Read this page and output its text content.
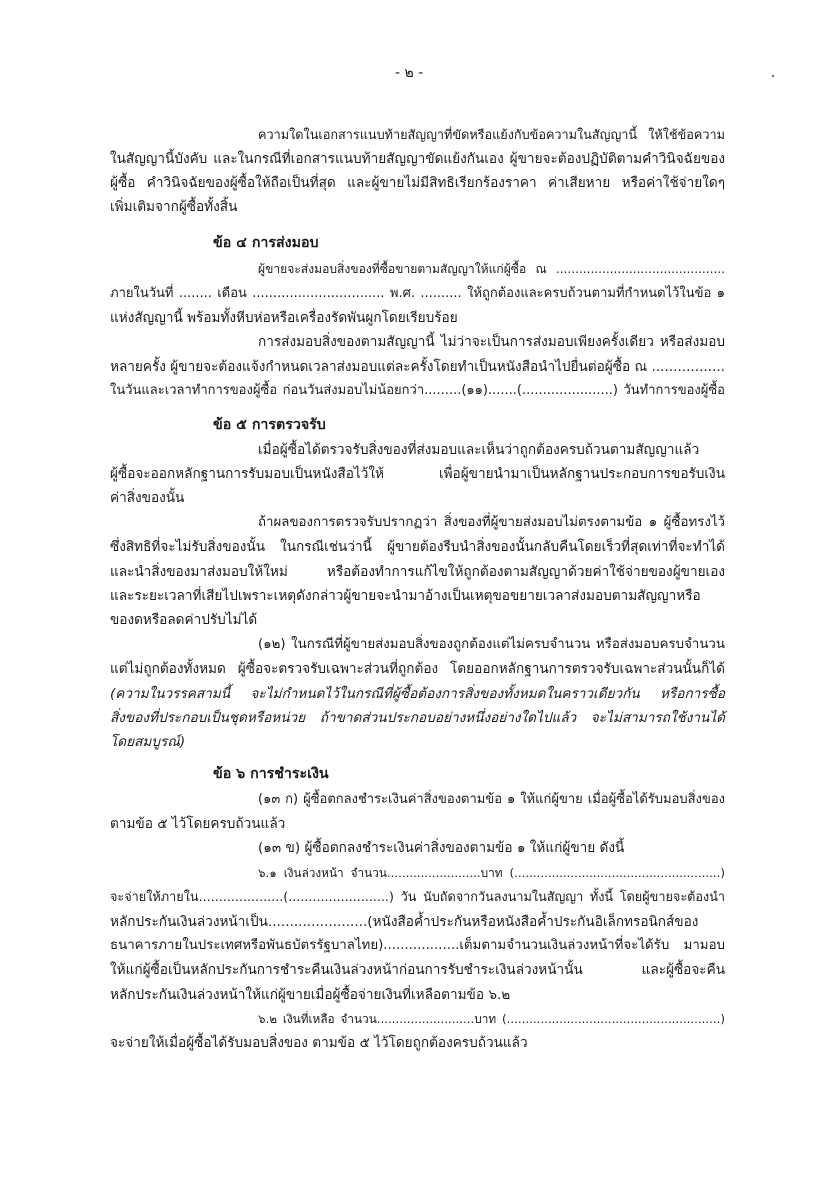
- ๒ -
ความใดในเอกสารแนบท้ายสัญญาที่ขัดหรือแย้งกับข้อความในสัญญานี้ ให้ใช้ข้อความ
ในสัญญานี้บังคับ และในกรณีที่เอกสารแนบท้ายสัญญาขัดแย้งกันเอง ผู้ขายจะต้องปฏิบัติตามคำวินิจฉัยของ
ผู้ซื้อ คำวินิจฉัยของผู้ซื้อให้ถือเป็นที่สุด และผู้ขายไม่มีสิทธิเรียกร้องราคา ค่าเสียหาย หรือค่าใช้จ่ายใดๆ
เพิ่มเติมจากผู้ซื้อทั้งสิ้น
ข้อ ๔ การส่งมอบ
ผู้ขายจะส่งมอบสิ่งของที่ซื้อขายตามสัญญาให้แก่ผู้ซื้อ ณ ............................................
ภายในวันที่ ........ เดือน ................................ พ.ศ. .......... ให้ถูกต้องและครบถ้วนตามที่กำหนดไว้ในข้อ ๑
แห่งสัญญานี้ พร้อมทั้งหีบห่อหรือเครื่องรัดพันผูกโดยเรียบร้อย
การส่งมอบสิ่งของตามสัญญานี้ ไม่ว่าจะเป็นการส่งมอบเพียงครั้งเดียว หรือส่งมอบ
หลายครั้ง ผู้ขายจะต้องแจ้งกำหนดเวลาส่งมอบแต่ละครั้งโดยทำเป็นหนังสือนำไปยื่นต่อผู้ซื้อ ณ .................
ในวันและเวลาทำการของผู้ซื้อ ก่อนวันส่งมอบไม่น้อยกว่า.........(๑๑).......(......................) วันทำการของผู้ซื้อ
ข้อ ๕ การตรวจรับ
เมื่อผู้ซื้อได้ตรวจรับสิ่งของที่ส่งมอบและเห็นว่าถูกต้องครบถ้วนตามสัญญาแล้ว
ผู้ซื้อจะออกหลักฐานการรับมอบเป็นหนังสือไว้ให้ เพื่อผู้ขายนำมาเป็นหลักฐานประกอบการขอรับเงิน
ค่าสิ่งของนั้น
ถ้าผลของการตรวจรับปรากฏว่า สิ่งของที่ผู้ขายส่งมอบไม่ตรงตามข้อ ๑ ผู้ซื้อทรงไว้
ซึ่งสิทธิที่จะไม่รับสิ่งของนั้น ในกรณีเช่นว่านี้ ผู้ขายต้องรีบนำสิ่งของนั้นกลับคืนโดยเร็วที่สุดเท่าที่จะทำได้
และนำสิ่งของมาส่งมอบให้ใหม่ หรือต้องทำการแก้ไขให้ถูกต้องตามสัญญาด้วยค่าใช้จ่ายของผู้ขายเอง
และระยะเวลาที่เสียไปเพราะเหตุดังกล่าวผู้ขายจะนำมาอ้างเป็นเหตุขอขยายเวลาส่งมอบตามสัญญาหรือ
ของดหรือลดค่าปรับไม่ได้
(๑๒) ในกรณีที่ผู้ขายส่งมอบสิ่งของถูกต้องแต่ไม่ครบจำนวน หรือส่งมอบครบจำนวน
แต่ไม่ถูกต้องทั้งหมด ผู้ซื้อจะตรวจรับเฉพาะส่วนที่ถูกต้อง โดยออกหลักฐานการตรวจรับเฉพาะส่วนนั้นก็ได้
(ความในวรรคสามนี้ จะไม่กำหนดไว้ในกรณีที่ผู้ซื้อต้องการสิ่งของทั้งหมดในคราวเดียวกัน หรือการซื้อ
สิ่งของที่ประกอบเป็นชุดหรือหน่วย ถ้าขาดส่วนประกอบอย่างหนึ่งอย่างใดไปแล้ว จะไม่สามารถใช้งานได้
โดยสมบูรณ์)
ข้อ ๖ การชำระเงิน
(๑๓ ก) ผู้ซื้อตกลงชำระเงินค่าสิ่งของตามข้อ ๑ ให้แก่ผู้ขาย เมื่อผู้ซื้อได้รับมอบสิ่งของ
ตามข้อ ๕ ไว้โดยครบถ้วนแล้ว
(๑๓ ข) ผู้ซื้อตกลงชำระเงินค่าสิ่งของตามข้อ ๑ ให้แก่ผู้ขาย ดังนี้
๖.๑ เงินล่วงหน้า จำนวน.........................บาท (.......................................................)
จะจ่ายให้ภายใน.....................(.........................) วัน นับถัดจากวันลงนามในสัญญา ทั้งนี้ โดยผู้ขายจะต้องนำ
หลักประกันเงินล่วงหน้าเป็น.......................(หนังสือค้ำประกันหรือหนังสือค้ำประกันอิเล็กทรอนิกส์ของ
ธนาคารภายในประเทศหรือพันธบัตรรัฐบาลไทย)..................เต็มตามจำนวนเงินล่วงหน้าที่จะได้รับ มามอบ
ให้แก่ผู้ซื้อเป็นหลักประกันการชำระคืนเงินล่วงหน้าก่อนการรับชำระเงินล่วงหน้านั้น และผู้ซื้อจะคืน
หลักประกันเงินล่วงหน้าให้แก่ผู้ขายเมื่อผู้ซื้อจ่ายเงินที่เหลือตามข้อ ๖.๒
๖.๒ เงินที่เหลือ จำนวน..........................บาท (.........................................................)
จะจ่ายให้เมื่อผู้ซื้อได้รับมอบสิ่งของ ตามข้อ ๕ ไว้โดยถูกต้องครบถ้วนแล้ว
